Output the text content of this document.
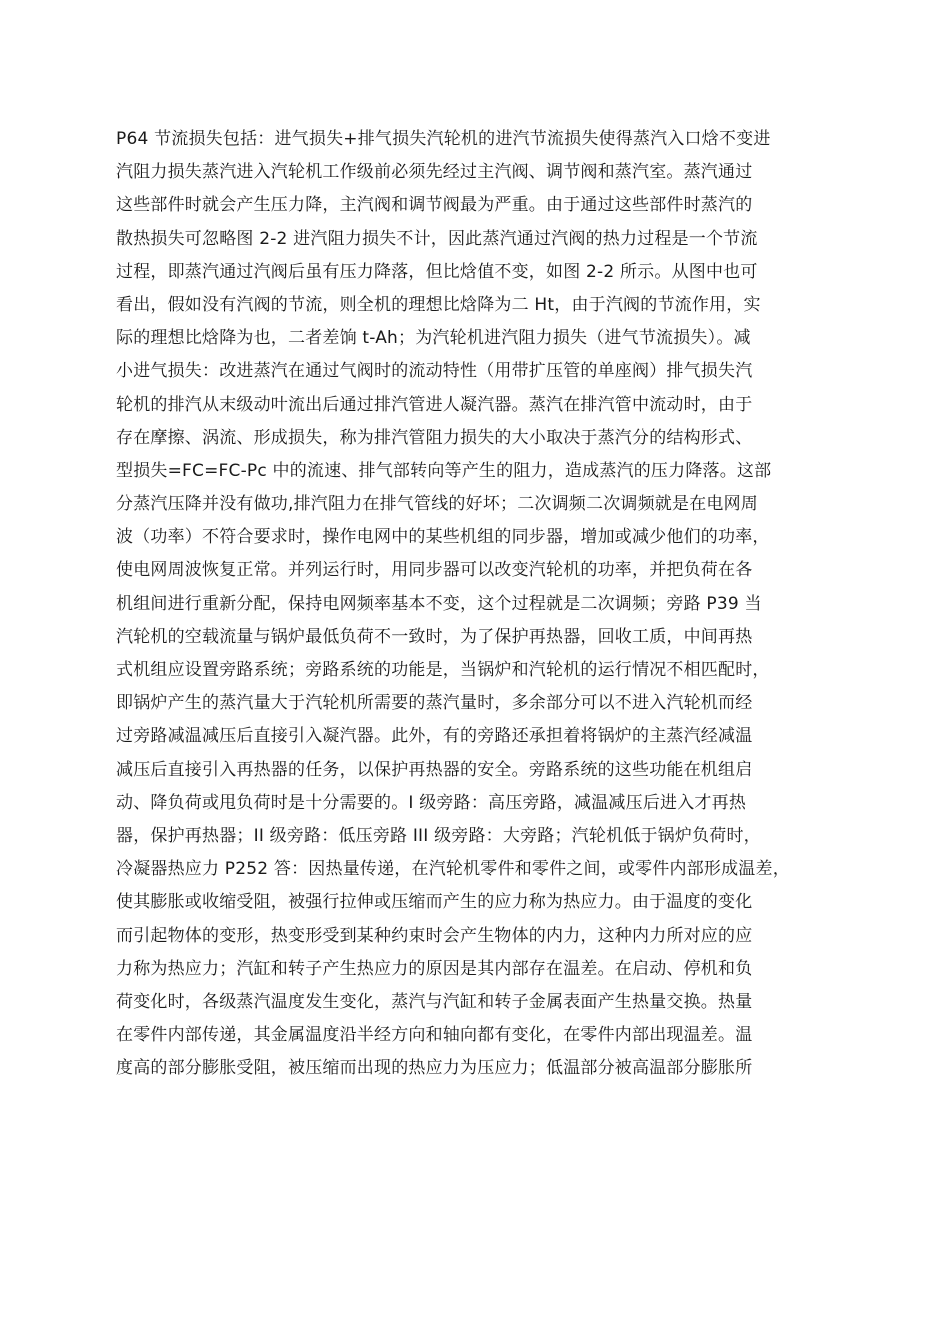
P64 节流损失包括：进气损失+排气损失汽轮机的进汽节流损失使得蒸汽入口焓不变进
汽阻力损失蒸汽进入汽轮机工作级前必须先经过主汽阀、调节阀和蒸汽室。蒸汽通过
这些部件时就会产生压力降，主汽阀和调节阀最为严重。由于通过这些部件时蒸汽的
散热损失可忽略图 2-2 进汽阻力损失不计，因此蒸汽通过汽阀的热力过程是一个节流
过程，即蒸汽通过汽阀后虽有压力降落，但比焓值不变，如图 2-2 所示。从图中也可
看出，假如没有汽阀的节流，则全机的理想比焓降为二 Ht，由于汽阀的节流作用，实
际的理想比焓降为也，二者差饷 t-Ah；为汽轮机进汽阻力损失（进气节流损失）。减
小进气损失：改进蒸汽在通过气阀时的流动特性（用带扩压管的单座阀）排气损失汽
轮机的排汽从末级动叶流出后通过排汽管进人凝汽器。蒸汽在排汽管中流动时，由于
存在摩擦、涡流、形成损失，称为排汽管阻力损失的大小取决于蒸汽分的结构形式、
型损失=FC=FC-Pc 中的流速、排气部转向等产生的阻力，造成蒸汽的压力降落。这部
分蒸汽压降并没有做功,排汽阻力在排气管线的好坏；二次调频二次调频就是在电网周
波（功率）不符合要求时，操作电网中的某些机组的同步器，增加或减少他们的功率，
使电网周波恢复正常。并列运行时，用同步器可以改变汽轮机的功率，并把负荷在各
机组间进行重新分配，保持电网频率基本不变，这个过程就是二次调频；旁路 P39 当
汽轮机的空载流量与锅炉最低负荷不一致时，为了保护再热器，回收工质，中间再热
式机组应设置旁路系统；旁路系统的功能是，当锅炉和汽轮机的运行情况不相匹配时，
即锅炉产生的蒸汽量大于汽轮机所需要的蒸汽量时，多余部分可以不进入汽轮机而经
过旁路减温减压后直接引入凝汽器。此外，有的旁路还承担着将锅炉的主蒸汽经减温
减压后直接引入再热器的任务，以保护再热器的安全。旁路系统的这些功能在机组启
动、降负荷或甩负荷时是十分需要的。I 级旁路：高压旁路，减温减压后进入才再热
器，保护再热器；II 级旁路：低压旁路 III 级旁路：大旁路；汽轮机低于锅炉负荷时，
冷凝器热应力 P252 答：因热量传递，在汽轮机零件和零件之间，或零件内部形成温差，
使其膨胀或收缩受阻，被强行拉伸或压缩而产生的应力称为热应力。由于温度的变化
而引起物体的变形，热变形受到某种约束时会产生物体的内力，这种内力所对应的应
力称为热应力；汽缸和转子产生热应力的原因是其内部存在温差。在启动、停机和负
荷变化时，各级蒸汽温度发生变化，蒸汽与汽缸和转子金属表面产生热量交换。热量
在零件内部传递，其金属温度沿半经方向和轴向都有变化，在零件内部出现温差。温
度高的部分膨胀受阻，被压缩而出现的热应力为压应力；低温部分被高温部分膨胀所
